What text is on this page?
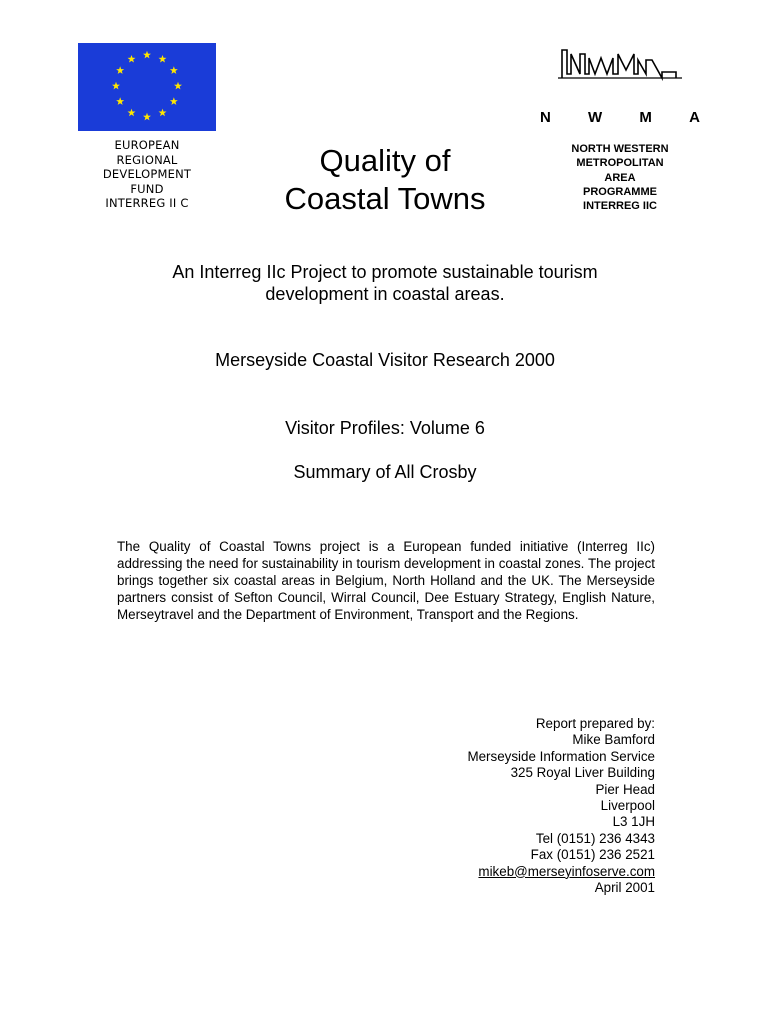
EUROPEAN
REGIONAL
DEVELOPMENT
FUND
INTERREG II C
Quality of
Coastal Towns
N W M A
NORTH WESTERN
METROPOLITAN
AREA
PROGRAMME
INTERREG IIC
An Interreg IIc Project to promote sustainable tourism
development in coastal areas.
Merseyside Coastal Visitor Research 2000
Visitor Profiles: Volume 6
Summary of All Crosby
The Quality of Coastal Towns project is a European funded initiative (Interreg IIc) addressing the need for sustainability in tourism development in coastal zones. The project brings together six coastal areas in Belgium, North Holland and the UK. The Merseyside partners consist of Sefton Council, Wirral Council, Dee Estuary Strategy, English Nature, Merseytravel and the Department of Environment, Transport and the Regions.
Report prepared by:
Mike Bamford
Merseyside Information Service
325 Royal Liver Building
Pier Head
Liverpool
L3 1JH
Tel (0151) 236 4343
Fax (0151) 236 2521
mikeb@merseyinfoserve.com
April 2001
